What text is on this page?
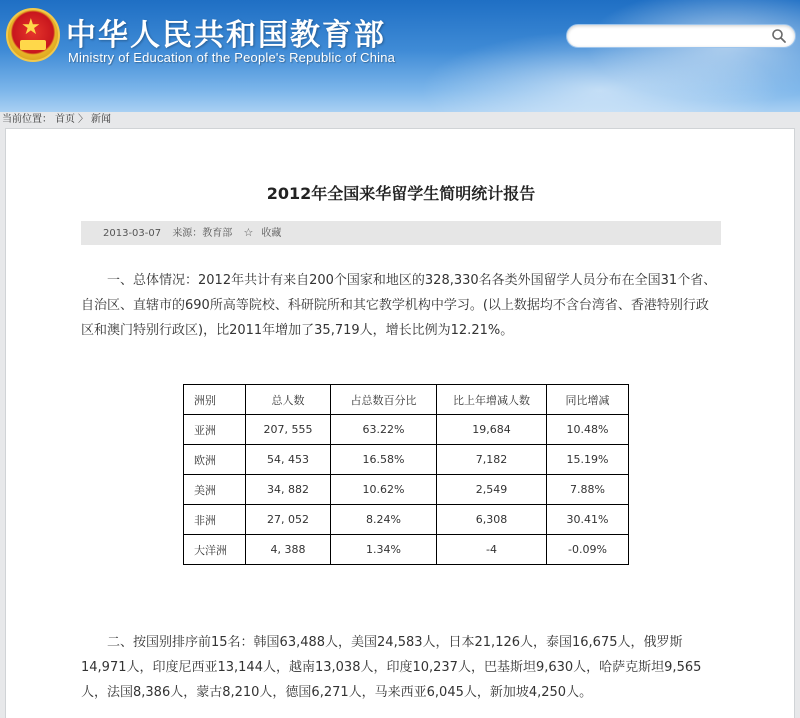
★ 中华人民共和国教育部
Ministry of Education of the People's Republic of China
当前位置： 首页 〉 新闻
2012年全国来华留学生简明统计报告
2013-03-07 来源：教育部 ☆ 收藏
一、总体情况：2012年共计有来自200个国家和地区的328,330名各类外国留学人员分布在全国31个省、自治区、直辖市的690所高等院校、科研院所和其它教学机构中学习。(以上数据均不含台湾省、香港特别行政区和澳门特别行政区)，比2011年增加了35,719人，增长比例为12.21%。
洲别	总人数	占总数百分比	比上年增减人数	同比增减
亚洲	207, 555	63.22%	19,684	10.48%
欧洲	54, 453	16.58%	7,182	15.19%
美洲	34, 882	10.62%	2,549	7.88%
非洲	27, 052	8.24%	6,308	30.41%
大洋洲	4, 388	1.34%	-4	-0.09%
二、按国别排序前15名：韩国63,488人，美国24,583人，日本21,126人，泰国16,675人，俄罗斯14,971人，印度尼西亚13,144人，越南13,038人，印度10,237人，巴基斯坦9,630人，哈萨克斯坦9,565人，法国8,386人，蒙古8,210人，德国6,271人，马来西亚6,045人，新加坡4,250人。
